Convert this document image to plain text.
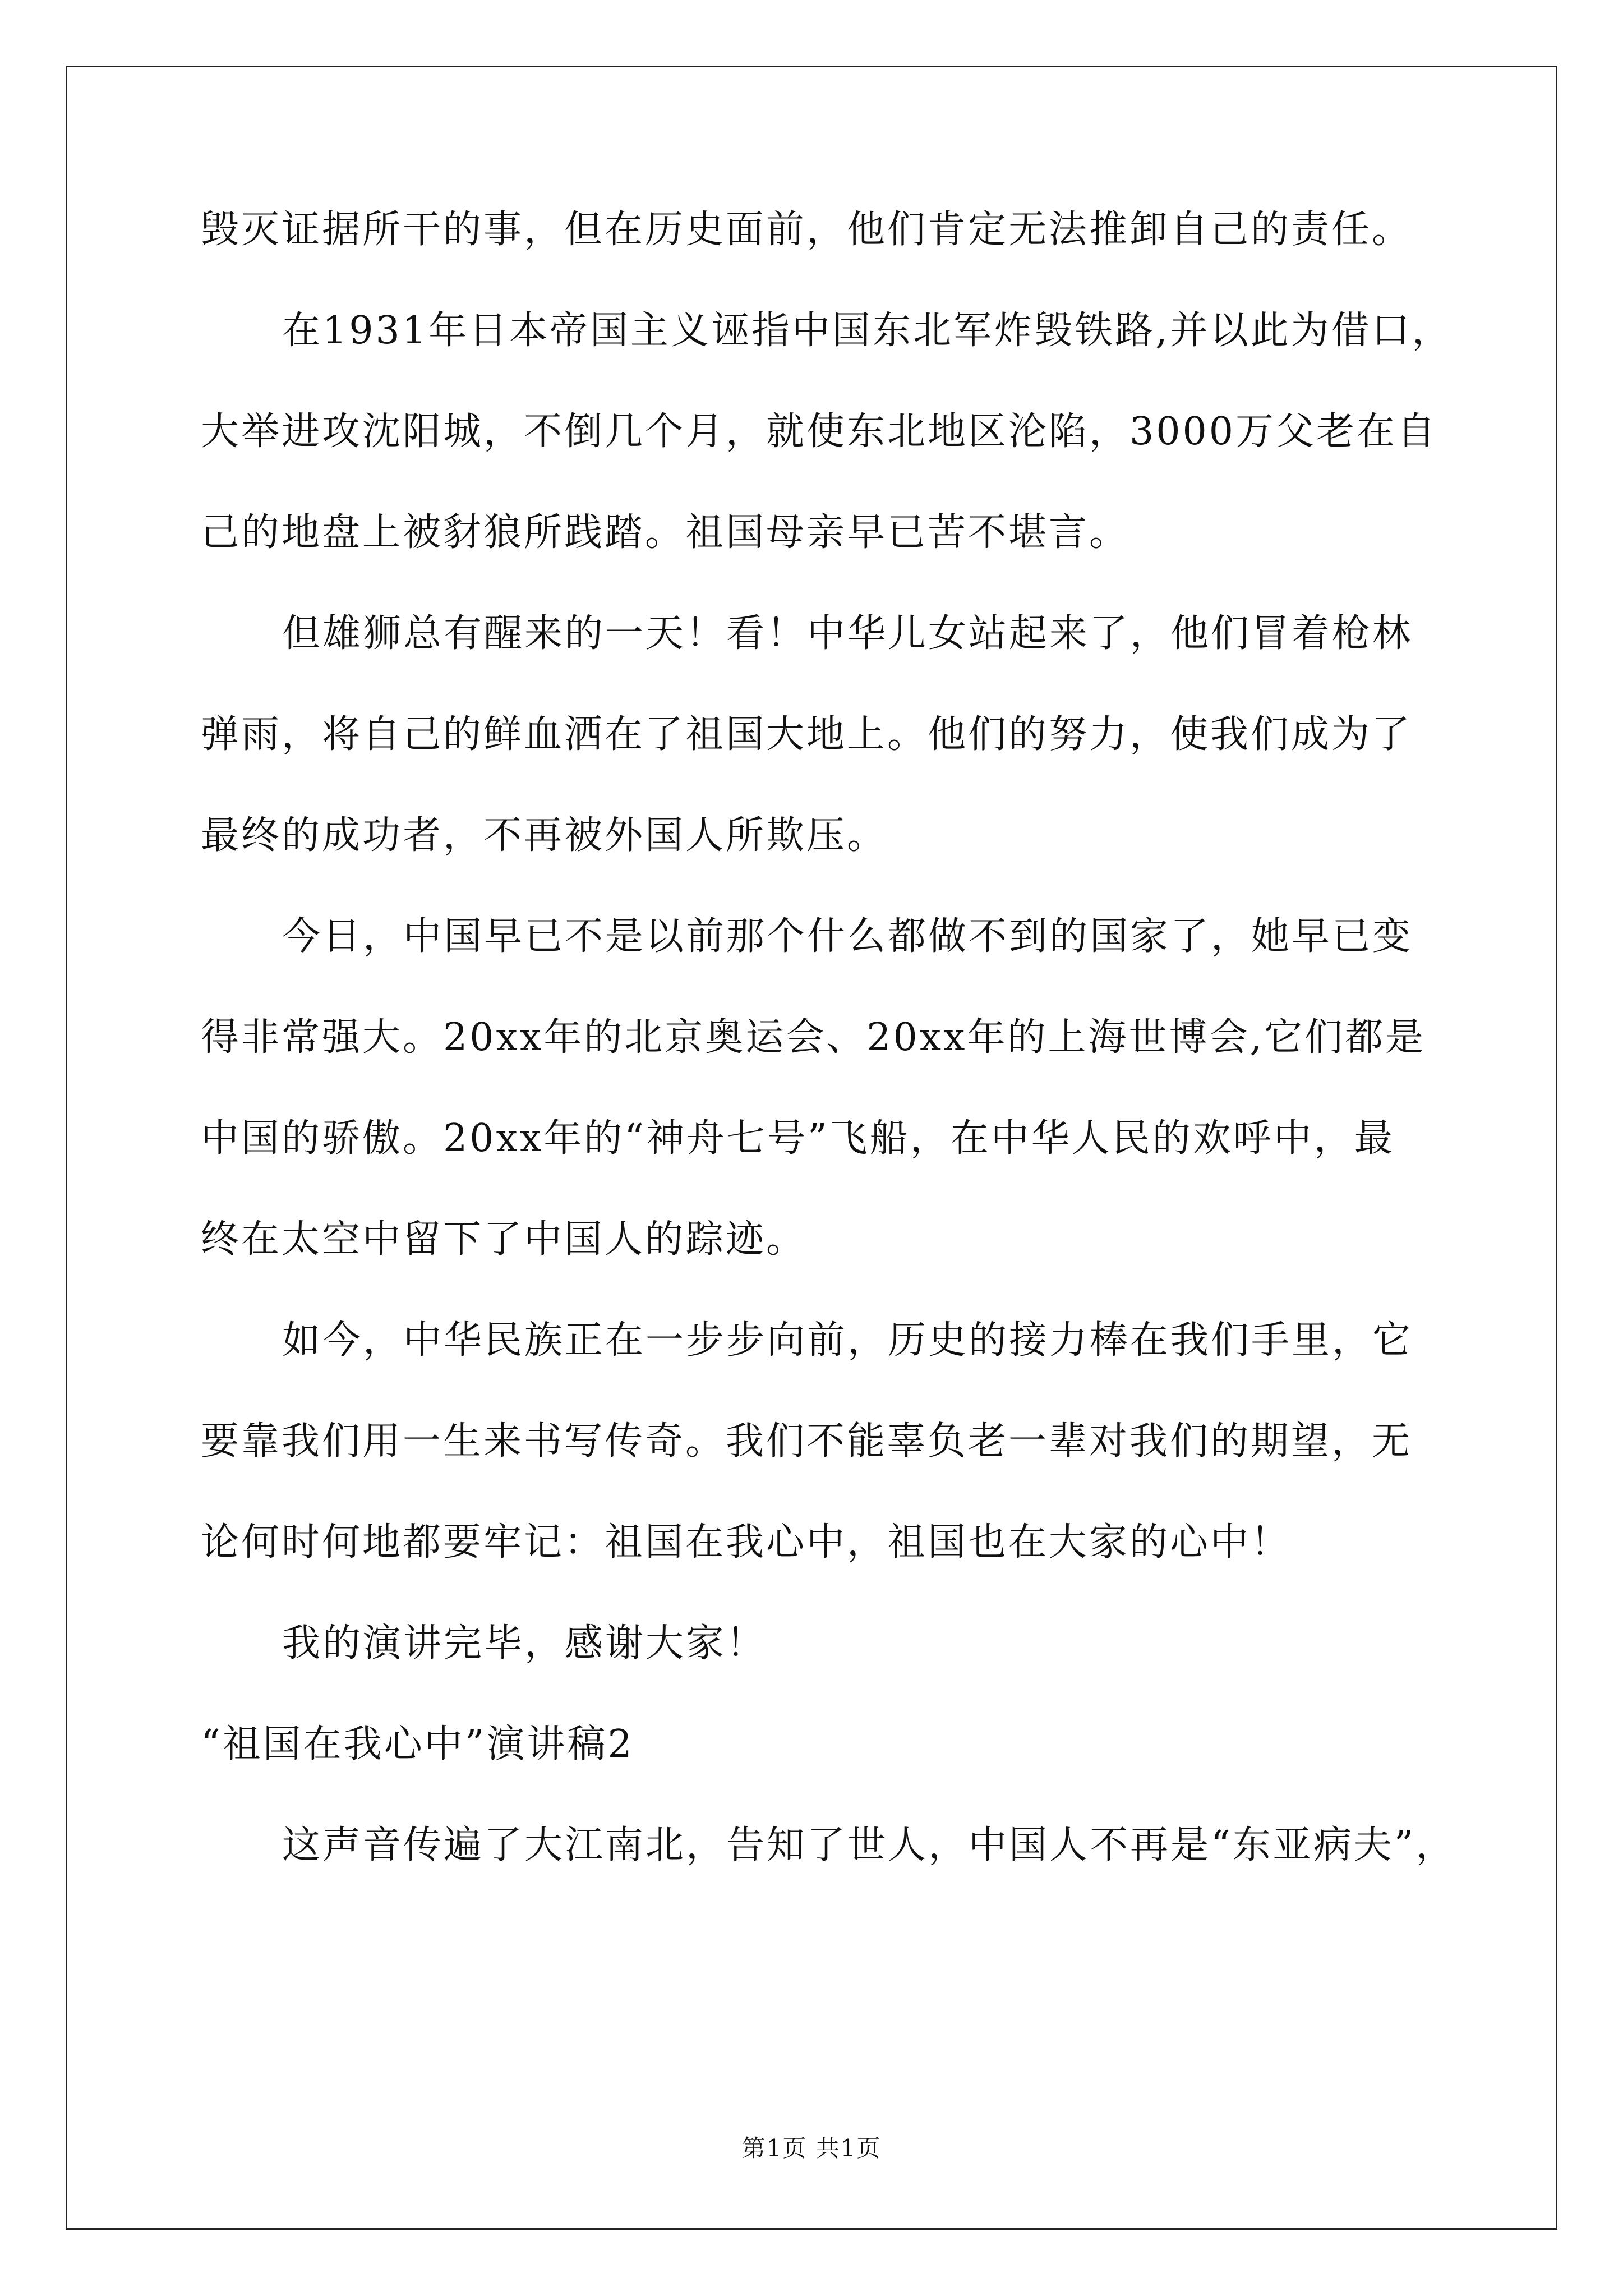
毁灭证据所干的事，但在历史面前，他们肯定无法推卸自己的责任。
在1931年日本帝国主义诬指中国东北军炸毁铁路,并以此为借口，
大举进攻沈阳城，不倒几个月，就使东北地区沦陷，3000万父老在自
己的地盘上被豺狼所践踏。祖国母亲早已苦不堪言。
但雄狮总有醒来的一天！看！中华儿女站起来了，他们冒着枪林
弹雨，将自己的鲜血洒在了祖国大地上。他们的努力，使我们成为了
最终的成功者，不再被外国人所欺压。
今日，中国早已不是以前那个什么都做不到的国家了，她早已变
得非常强大。20xx年的北京奥运会、20xx年的上海世博会,它们都是
中国的骄傲。20xx年的“神舟七号”飞船，在中华人民的欢呼中，最
终在太空中留下了中国人的踪迹。
如今，中华民族正在一步步向前，历史的接力棒在我们手里，它
要靠我们用一生来书写传奇。我们不能辜负老一辈对我们的期望，无
论何时何地都要牢记：祖国在我心中，祖国也在大家的心中！
我的演讲完毕，感谢大家！
“祖国在我心中”演讲稿2
这声音传遍了大江南北，告知了世人，中国人不再是“东亚病夫”，
第1页 共1页
